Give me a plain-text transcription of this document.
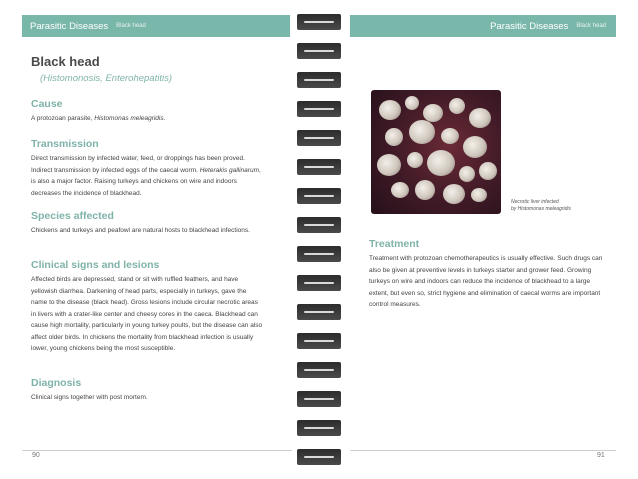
Parasitic Diseases Black head	Parasitic Diseases Black head
Black head
(Histomonosis, Enterohepatitis)
Cause

A protozoan parasite, Histomonas meleagridis.

Transmission

Direct transmission by infected water, feed, or droppings has been proved. Indirect transmission by infected eggs of the caecal worm. Heterakis gallinarum, is also a major factor. Raising turkeys and chickens on wire and indoors decreases the incidence of blackhead.

Species affected

Chickens and turkeys and peafowl are natural hosts to blackhead infections.

Clinical signs and lesions

Affected birds are depressed, stand or sit with ruffled feathers, and have yellowish diarrhea. Darkening of head parts, especially in turkeys, gave the name to the disease (black head). Gross lesions include circular necrotic areas in livers with a crater-like center and cheesy cores in the caeca. Blackhead can cause high mortality, particularly in young turkey poults, but the disease can also affect older birds. In chickens the mortality from blackhead infection is usually lower, young chickens being the most susceptible.

Diagnosis

Clinical signs together with post mortem.

Necrotic liver infected
by Histomonas meleagridis
Treatment

Treatment with protozoan chemotherapeutics is usually effective. Such drugs can also be given at preventive levels in turkeys starter and grower feed. Growing turkeys on wire and indoors can reduce the incidence of blackhead to a large extent, but even so, strict hygiene and elimination of caecal worms are important control measures.

90	91
